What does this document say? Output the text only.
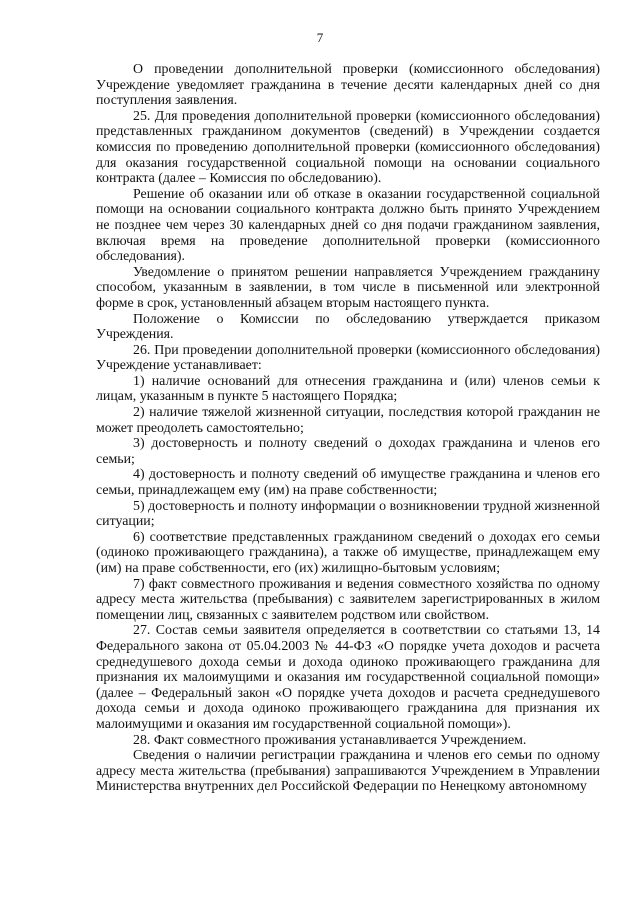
7

О проведении дополнительной проверки (комиссионного обследования) Учреждение уведомляет гражданина в течение десяти календарных дней со дня поступления заявления.

25. Для проведения дополнительной проверки (комиссионного обследования) представленных гражданином документов (сведений) в Учреждении создается комиссия по проведению дополнительной проверки (комиссионного обследования) для оказания государственной социальной помощи на основании социального контракта (далее – Комиссия по обследованию).

Решение об оказании или об отказе в оказании государственной социальной помощи на основании социального контракта должно быть принято Учреждением не позднее чем через 30 календарных дней со дня подачи гражданином заявления, включая время на проведение дополнительной проверки (комиссионного обследования).

Уведомление о принятом решении направляется Учреждением гражданину способом, указанным в заявлении, в том числе в письменной или электронной форме в срок, установленный абзацем вторым настоящего пункта.

Положение о Комиссии по обследованию утверждается приказом Учреждения.

26. При проведении дополнительной проверки (комиссионного обследования) Учреждение устанавливает:

1) наличие оснований для отнесения гражданина и (или) членов семьи к лицам, указанным в пункте 5 настоящего Порядка;

2) наличие тяжелой жизненной ситуации, последствия которой гражданин не может преодолеть самостоятельно;

3) достоверность и полноту сведений о доходах гражданина и членов его семьи;

4) достоверность и полноту сведений об имуществе гражданина и членов его семьи, принадлежащем ему (им) на праве собственности;

5) достоверность и полноту информации о возникновении трудной жизненной ситуации;

6) соответствие представленных гражданином сведений о доходах его семьи (одиноко проживающего гражданина), а также об имуществе, принадлежащем ему (им) на праве собственности, его (их) жилищно-бытовым условиям;

7) факт совместного проживания и ведения совместного хозяйства по одному адресу места жительства (пребывания) с заявителем зарегистрированных в жилом помещении лиц, связанных с заявителем родством или свойством.

27. Состав семьи заявителя определяется в соответствии со статьями 13, 14 Федерального закона от 05.04.2003 № 44-ФЗ «О порядке учета доходов и расчета среднедушевого дохода семьи и дохода одиноко проживающего гражданина для признания их малоимущими и оказания им государственной социальной помощи» (далее – Федеральный закон «О порядке учета доходов и расчета среднедушевого дохода семьи и дохода одиноко проживающего гражданина для признания их малоимущими и оказания им государственной социальной помощи»).

28. Факт совместного проживания устанавливается Учреждением.

Сведения о наличии регистрации гражданина и членов его семьи по одному адресу места жительства (пребывания) запрашиваются Учреждением в Управлении Министерства внутренних дел Российской Федерации по Ненецкому автономному
